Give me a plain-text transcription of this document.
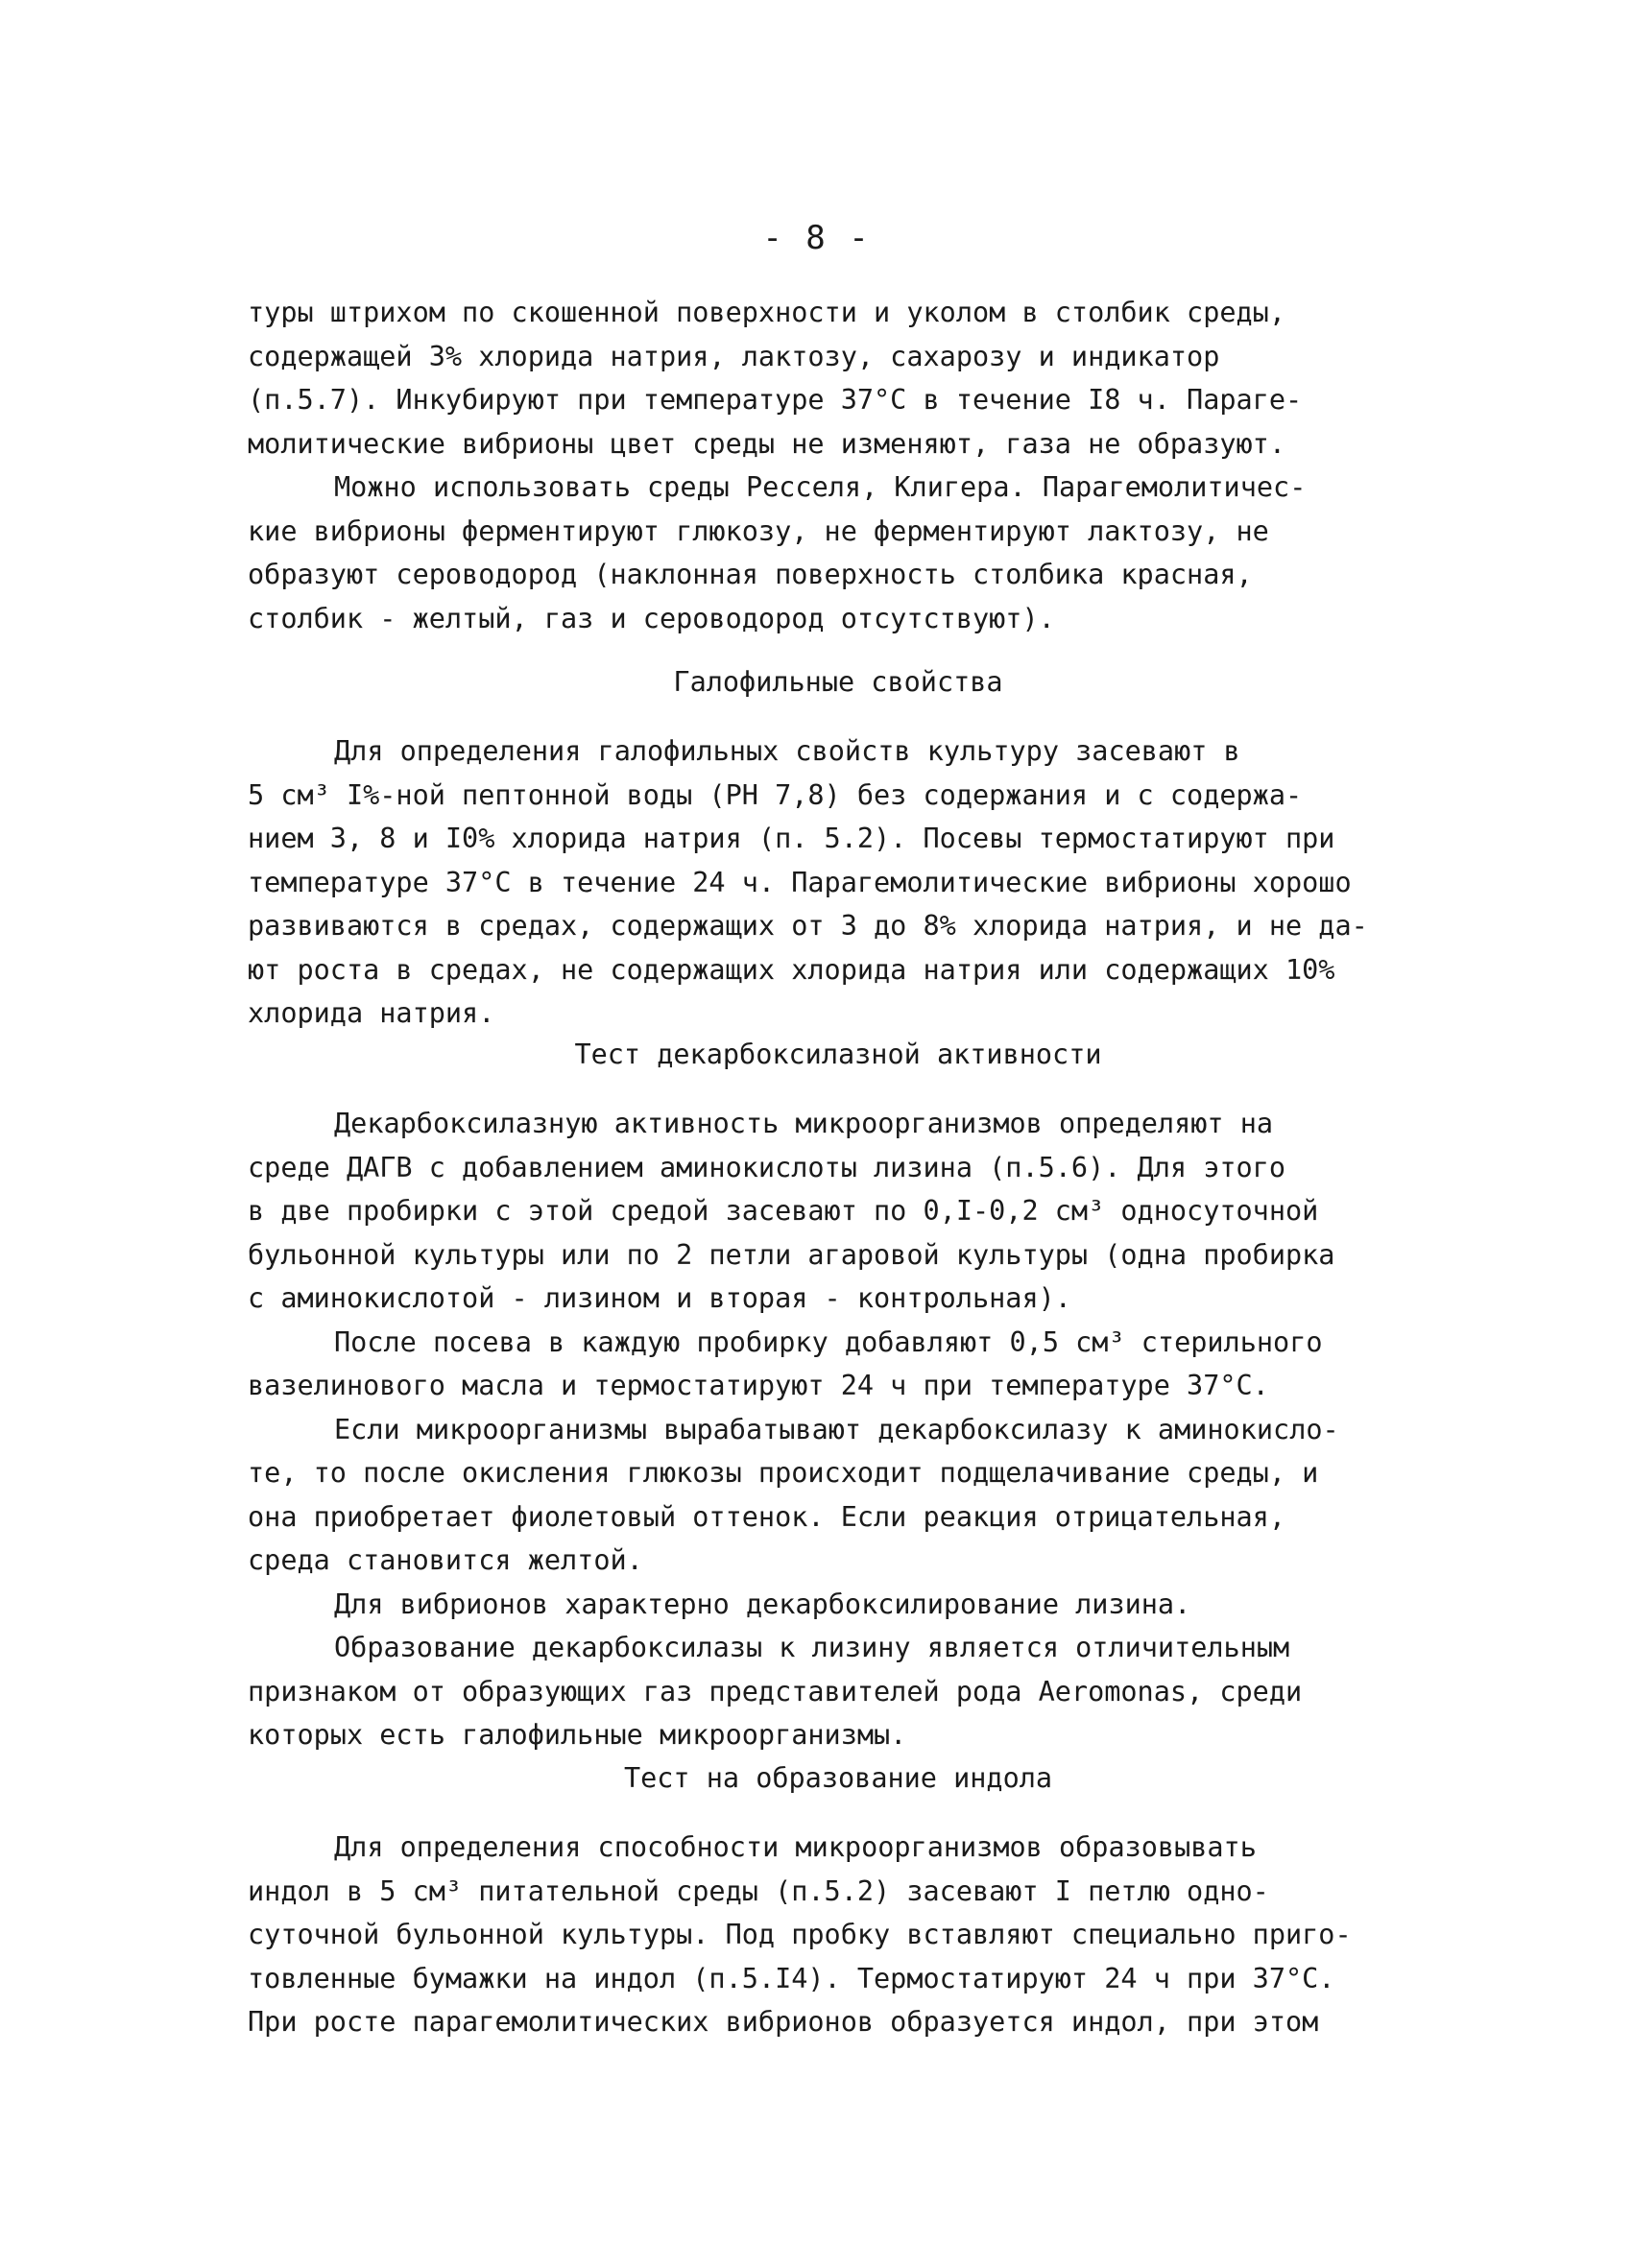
- 8 -
туры штрихом по скошенной поверхности и уколом в столбик среды,
содержащей 3% хлорида натрия, лактозу, сахарозу и индикатор
(п.5.7). Инкубируют при температуре 37°С в течение I8 ч. Параге-
молитические вибрионы цвет среды не изменяют, газа не образуют.
Можно использовать среды Ресселя, Клигера. Парагемолитичес-
кие вибрионы ферментируют глюкозу, не ферментируют лактозу, не
образуют сероводород (наклонная поверхность столбика красная,
столбик - желтый, газ и сероводород отсутствуют).
Галофильные свойства
Для определения галофильных свойств культуру засевают в
5 см³ I%-ной пептонной воды (PH 7,8) без содержания и с содержа-
нием 3, 8 и I0% хлорида натрия (п. 5.2). Посевы термостатируют при
температуре 37°С в течение 24 ч. Парагемолитические вибрионы хорошо
развиваются в средах, содержащих от 3 до 8% хлорида натрия, и не да-
ют роста в средах, не содержащих хлорида натрия или содержащих 10%
хлорида натрия.
Тест декарбоксилазной активности
Декарбоксилазную активность микроорганизмов определяют на
среде ДАГВ с добавлением аминокислоты лизина (п.5.6). Для этого
в две пробирки с этой средой засевают по 0,I-0,2 см³ односуточной
бульонной культуры или по 2 петли агаровой культуры (одна пробирка
с аминокислотой - лизином и вторая - контрольная).
После посева в каждую пробирку добавляют 0,5 см³ стерильного
вазелинового масла и термостатируют 24 ч при температуре 37°С.
Если микроорганизмы вырабатывают декарбоксилазу к аминокисло-
те, то после окисления глюкозы происходит подщелачивание среды, и
она приобретает фиолетовый оттенок. Если реакция отрицательная,
среда становится желтой.
Для вибрионов характерно декарбоксилирование лизина.
Образование декарбоксилазы к лизину является отличительным
признаком от образующих газ представителей рода Aeromonas, среди
которых есть галофильные микроорганизмы.
Тест на образование индола
Для определения способности микроорганизмов образовывать
индол в 5 см³ питательной среды (п.5.2) засевают I петлю одно-
суточной бульонной культуры. Под пробку вставляют специально приго-
товленные бумажки на индол (п.5.I4). Термостатируют 24 ч при 37°С.
При росте парагемолитических вибрионов образуется индол, при этом
